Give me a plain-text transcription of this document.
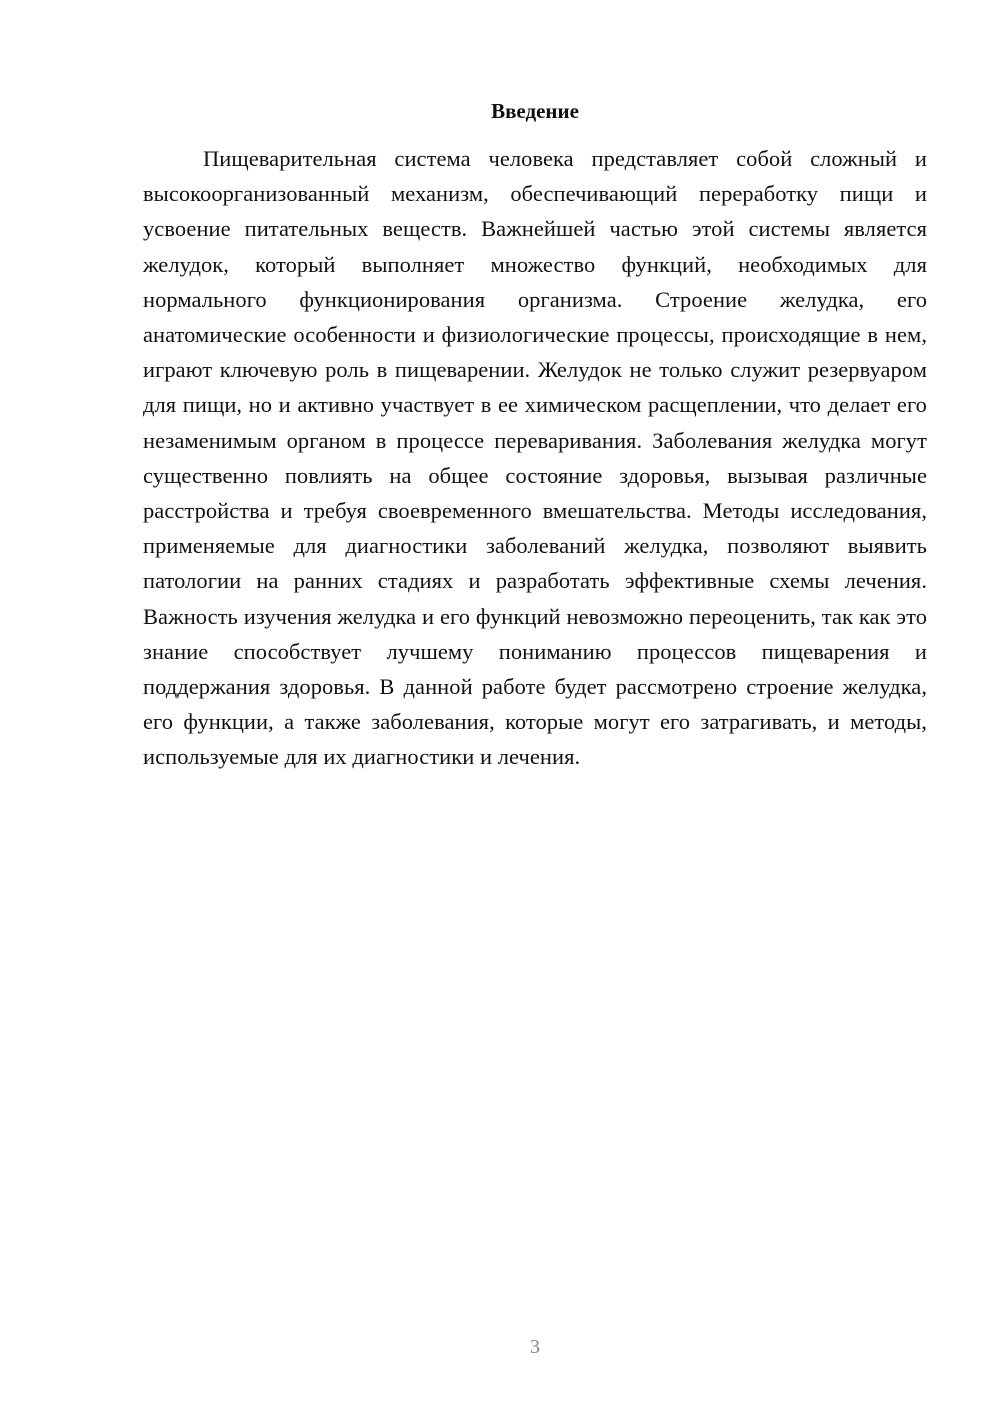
Введение

Пищеварительная система человека представляет собой сложный и высокоорганизованный механизм, обеспечивающий переработку пищи и усвоение питательных веществ. Важнейшей частью этой системы является желудок, который выполняет множество функций, необходимых для нормального функционирования организма. Строение желудка, его анатомические особенности и физиологические процессы, происходящие в нем, играют ключевую роль в пищеварении. Желудок не только служит резервуаром для пищи, но и активно участвует в ее химическом расщеплении, что делает его незаменимым органом в процессе переваривания. Заболевания желудка могут существенно повлиять на общее состояние здоровья, вызывая различные расстройства и требуя своевременного вмешательства. Методы исследования, применяемые для диагностики заболеваний желудка, позволяют выявить патологии на ранних стадиях и разработать эффективные схемы лечения. Важность изучения желудка и его функций невозможно переоценить, так как это знание способствует лучшему пониманию процессов пищеварения и поддержания здоровья. В данной работе будет рассмотрено строение желудка, его функции, а также заболевания, которые могут его затрагивать, и методы, используемые для их диагностики и лечения.

3
